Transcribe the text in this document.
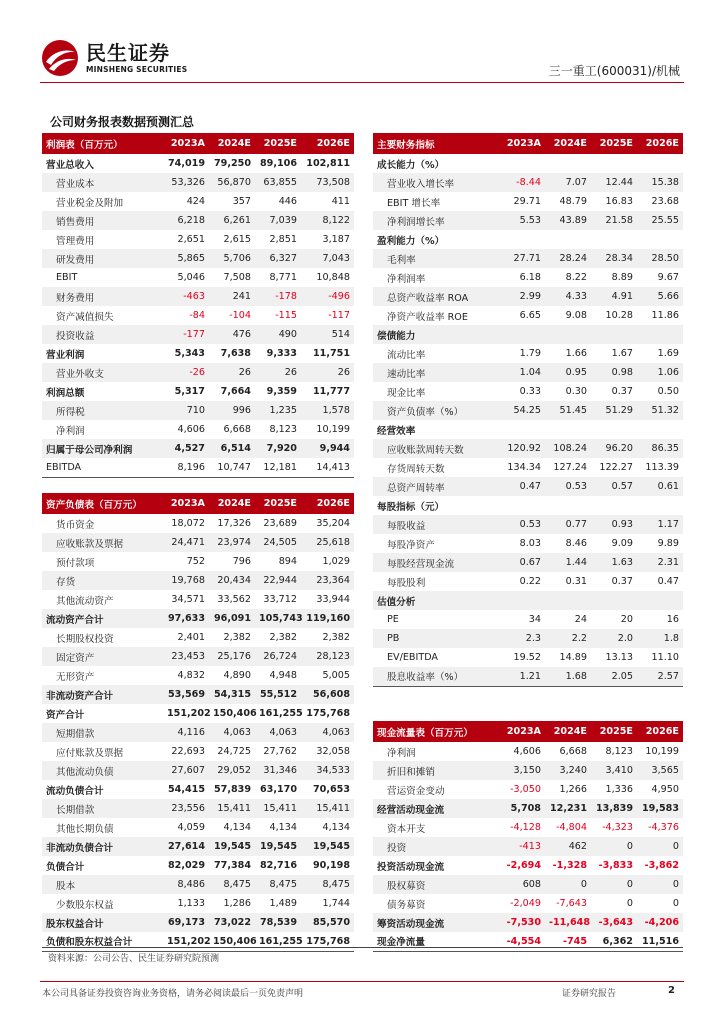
民生证券
MINSHENG SECURITIES	三一重工(600031)/机械
公司财务报表数据预测汇总
利润表（百万元）	2023A	2024E	2025E	2026E
营业总收入	74,019	79,250	89,106	102,811
营业成本	53,326	56,870	63,855	73,508
营业税金及附加	424	357	446	411
销售费用	6,218	6,261	7,039	8,122
管理费用	2,651	2,615	2,851	3,187
研发费用	5,865	5,706	6,327	7,043
EBIT	5,046	7,508	8,771	10,848
财务费用	-463	241	-178	-496
资产减值损失	-84	-104	-115	-117
投资收益	-177	476	490	514
营业利润	5,343	7,638	9,333	11,751
营业外收支	-26	26	26	26
利润总额	5,317	7,664	9,359	11,777
所得税	710	996	1,235	1,578
净利润	4,606	6,668	8,123	10,199
归属于母公司净利润	4,527	6,514	7,920	9,944
EBITDA	8,196	10,747	12,181	14,413
资产负债表（百万元）	2023A	2024E	2025E	2026E
货币资金	18,072	17,326	23,689	35,204
应收账款及票据	24,471	23,974	24,505	25,618
预付款项	752	796	894	1,029
存货	19,768	20,434	22,944	23,364
其他流动资产	34,571	33,562	33,712	33,944
流动资产合计	97,633	96,091	105,743	119,160
长期股权投资	2,401	2,382	2,382	2,382
固定资产	23,453	25,176	26,724	28,123
无形资产	4,832	4,890	4,948	5,005
非流动资产合计	53,569	54,315	55,512	56,608
资产合计	151,202	150,406	161,255	175,768
短期借款	4,116	4,063	4,063	4,063
应付账款及票据	22,693	24,725	27,762	32,058
其他流动负债	27,607	29,052	31,346	34,533
流动负债合计	54,415	57,839	63,170	70,653
长期借款	23,556	15,411	15,411	15,411
其他长期负债	4,059	4,134	4,134	4,134
非流动负债合计	27,614	19,545	19,545	19,545
负债合计	82,029	77,384	82,716	90,198
股本	8,486	8,475	8,475	8,475
少数股东权益	1,133	1,286	1,489	1,744
股东权益合计	69,173	73,022	78,539	85,570
负债和股东权益合计	151,202	150,406	161,255	175,768
主要财务指标	2023A	2024E	2025E	2026E
成长能力（%）				
营业收入增长率	-8.44	7.07	12.44	15.38
EBIT 增长率	29.71	48.79	16.83	23.68
净利润增长率	5.53	43.89	21.58	25.55
盈利能力（%）				
毛利率	27.71	28.24	28.34	28.50
净利润率	6.18	8.22	8.89	9.67
总资产收益率 ROA	2.99	4.33	4.91	5.66
净资产收益率 ROE	6.65	9.08	10.28	11.86
偿债能力				
流动比率	1.79	1.66	1.67	1.69
速动比率	1.04	0.95	0.98	1.06
现金比率	0.33	0.30	0.37	0.50
资产负债率（%）	54.25	51.45	51.29	51.32
经营效率				
应收账款周转天数	120.92	108.24	96.20	86.35
存货周转天数	134.34	127.24	122.27	113.39
总资产周转率	0.47	0.53	0.57	0.61
每股指标（元）				
每股收益	0.53	0.77	0.93	1.17
每股净资产	8.03	8.46	9.09	9.89
每股经营现金流	0.67	1.44	1.63	2.31
每股股利	0.22	0.31	0.37	0.47
估值分析				
PE	34	24	20	16
PB	2.3	2.2	2.0	1.8
EV/EBITDA	19.52	14.89	13.13	11.10
股息收益率（%）	1.21	1.68	2.05	2.57
现金流量表（百万元）	2023A	2024E	2025E	2026E
净利润	4,606	6,668	8,123	10,199
折旧和摊销	3,150	3,240	3,410	3,565
营运资金变动	-3,050	1,266	1,336	4,950
经营活动现金流	5,708	12,231	13,839	19,583
资本开支	-4,128	-4,804	-4,323	-4,376
投资	-413	462	0	0
投资活动现金流	-2,694	-1,328	-3,833	-3,862
股权募资	608	0	0	0
债务募资	-2,049	-7,643	0	0
筹资活动现金流	-7,530	-11,648	-3,643	-4,206
现金净流量	-4,554	-745	6,362	11,516
资料来源：公司公告、民生证券研究院预测
本公司具备证券投资咨询业务资格，请务必阅读最后一页免责声明	证券研究报告	2
